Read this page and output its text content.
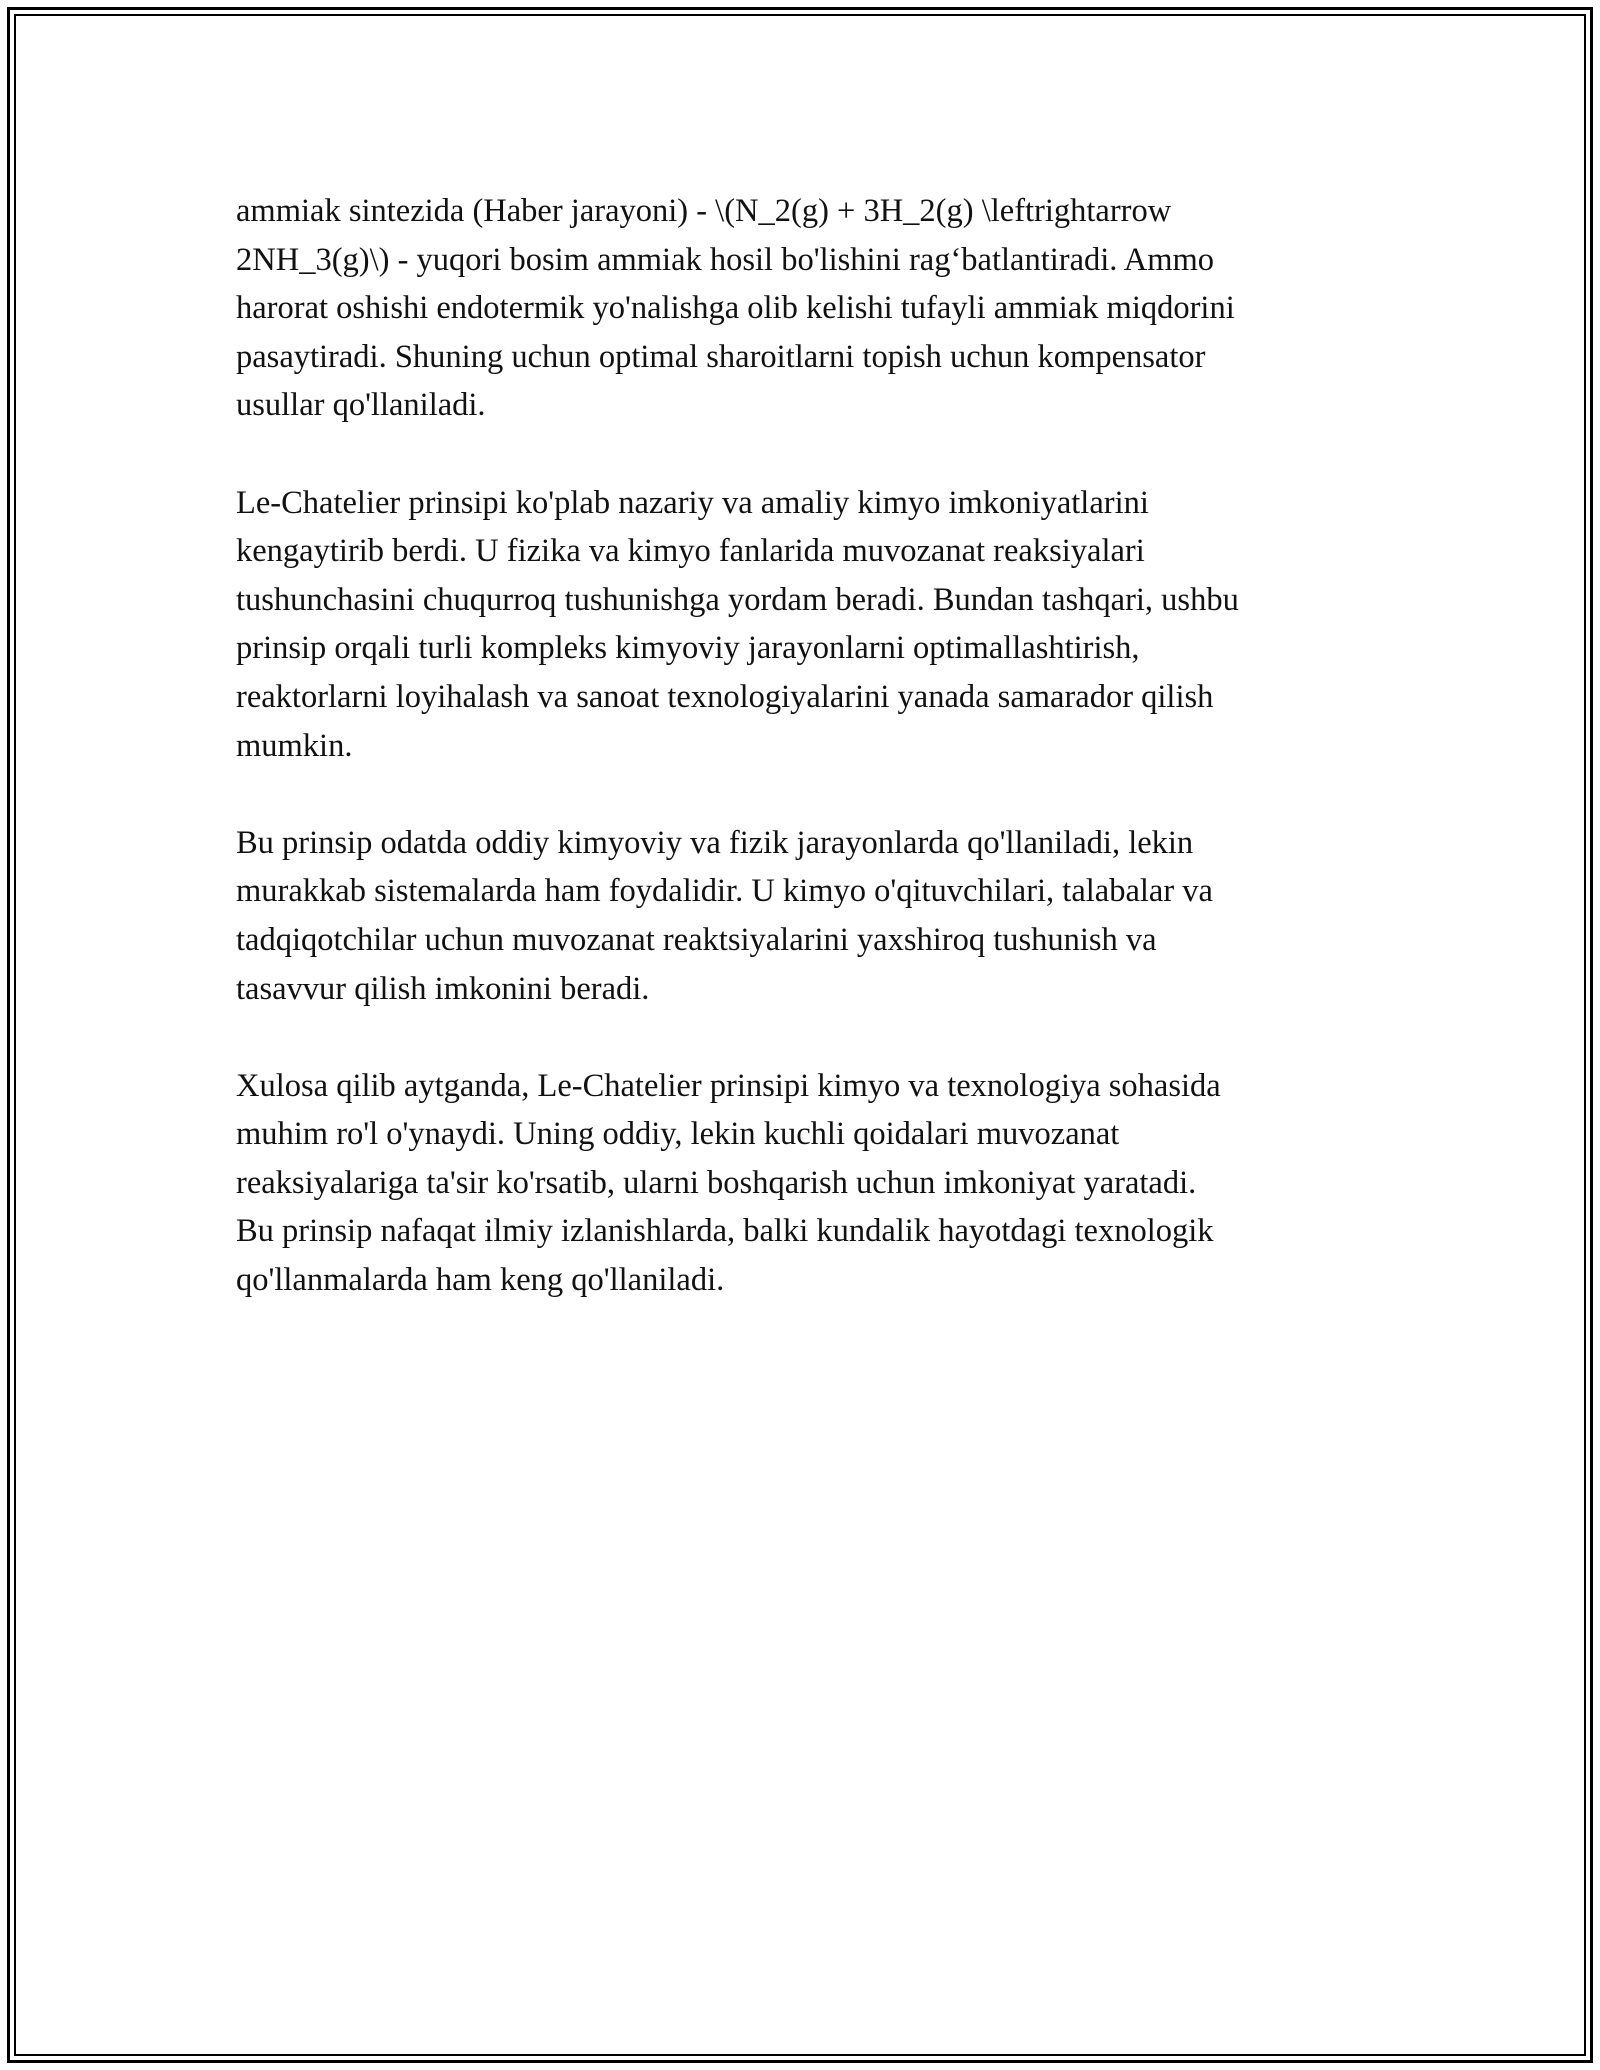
ammiak sintezida (Haber jarayoni) - \(N_2(g) + 3H_2(g) \leftrightarrow
2NH_3(g)\) - yuqori bosim ammiak hosil bo'lishini rag‘batlantiradi. Ammo
harorat oshishi endotermik yo'nalishga olib kelishi tufayli ammiak miqdorini
pasaytiradi. Shuning uchun optimal sharoitlarni topish uchun kompensator
usullar qo'llaniladi.

Le-Chatelier prinsipi ko'plab nazariy va amaliy kimyo imkoniyatlarini
kengaytirib berdi. U fizika va kimyo fanlarida muvozanat reaksiyalari
tushunchasini chuqurroq tushunishga yordam beradi. Bundan tashqari, ushbu
prinsip orqali turli kompleks kimyoviy jarayonlarni optimallashtirish,
reaktorlarni loyihalash va sanoat texnologiyalarini yanada samarador qilish
mumkin.

Bu prinsip odatda oddiy kimyoviy va fizik jarayonlarda qo'llaniladi, lekin
murakkab sistemalarda ham foydalidir. U kimyo o'qituvchilari, talabalar va
tadqiqotchilar uchun muvozanat reaktsiyalarini yaxshiroq tushunish va
tasavvur qilish imkonini beradi.

Xulosa qilib aytganda, Le-Chatelier prinsipi kimyo va texnologiya sohasida
muhim ro'l o'ynaydi. Uning oddiy, lekin kuchli qoidalari muvozanat
reaksiyalariga ta'sir ko'rsatib, ularni boshqarish uchun imkoniyat yaratadi.
Bu prinsip nafaqat ilmiy izlanishlarda, balki kundalik hayotdagi texnologik
qo'llanmalarda ham keng qo'llaniladi.
